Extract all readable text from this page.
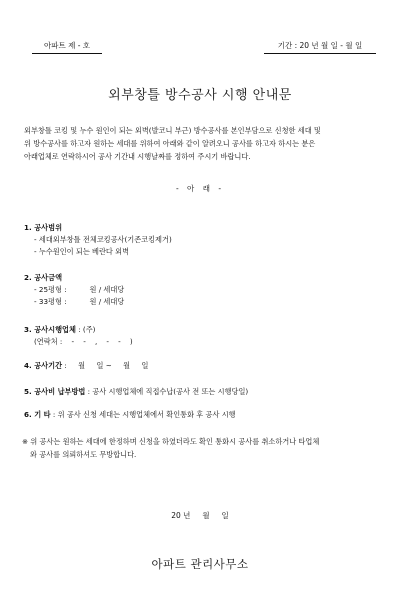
아파트 제 - 호	기간 : 20 년 월 일 - 월 일
외부창틀 방수공사 시행 안내문
외부창틀 코킹 및 누수 원인이 되는 외벽(발코니 부근) 방수공사를 본인부담으로 신청한 세대 및
위 방수공사를 하고자 원하는 세대를 위하여 아래와 같이 알려오니 공사를 하고자 하시는 분은
아래업체로 연락하시어 공사 기간내 시행날짜를 정하여 주시기 바랍니다.
- 아 래 -
1. 공사범위
- 세대외부창틀 전체코킹공사(기존코킹제거)
- 누수원인이 되는 베란다 외벽
2. 공사금액
- 25평형 :          원 / 세대당
- 33평형 :          원 / 세대당
3. 공사시행업체 : (주)
(연락처 :    -    -    ,    -    -    )
4. 공사기간 :     월     일 ~     월     일
5. 공사비 납부방법 : 공사 시행업체에 직접수납(공사 전 또는 시행당일)
6. 기 타 : 위 공사 신청 세대는 시행업체에서 확인통화 후 공사 시행
※ 위 공사는 원하는 세대에 한정하며 신청을 하였더라도 확인 통화시 공사를 취소하거나 타업체
와 공사를 의뢰하셔도 무방합니다.
20 년     월     일
아파트 관리사무소
